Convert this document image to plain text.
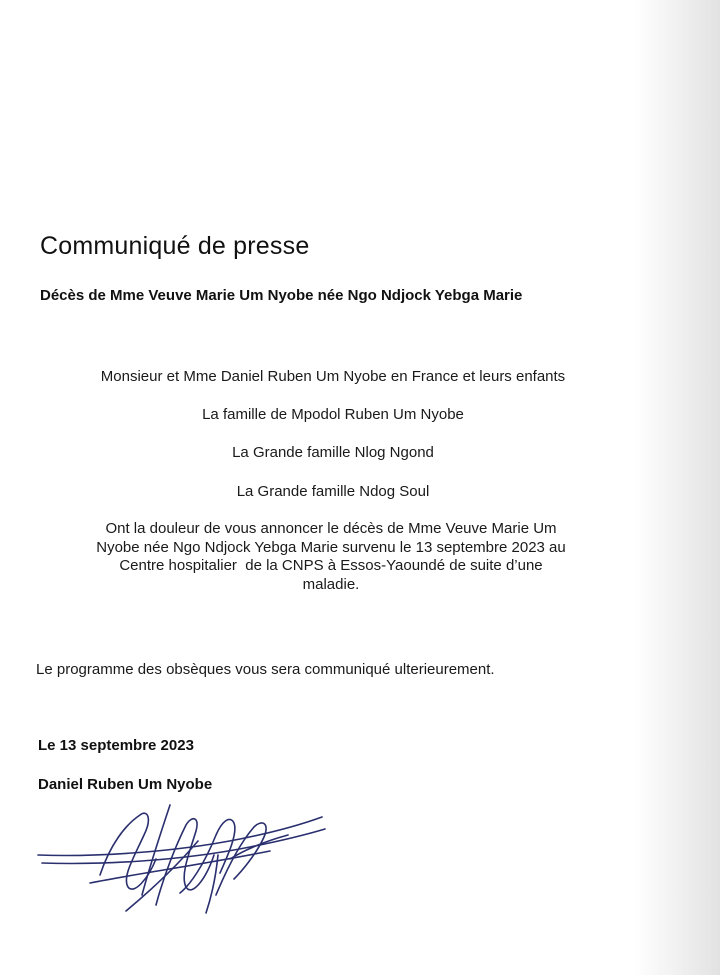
Communiqué de presse
Décès de Mme Veuve Marie Um Nyobe née Ngo Ndjock Yebga Marie
Monsieur et Mme Daniel Ruben Um Nyobe en France et leurs enfants
La famille de Mpodol Ruben Um Nyobe
La Grande famille Nlog Ngond
La Grande famille Ndog Soul
Ont la douleur de vous annoncer le décès de Mme Veuve Marie Um
Nyobe née Ngo Ndjock Yebga Marie survenu le 13 septembre 2023 au
Centre hospitalier  de la CNPS à Essos-Yaoundé de suite d’une
maladie.
Le programme des obsèques vous sera communiqué ulterieurement.
Le 13 septembre 2023
Daniel Ruben Um Nyobe
